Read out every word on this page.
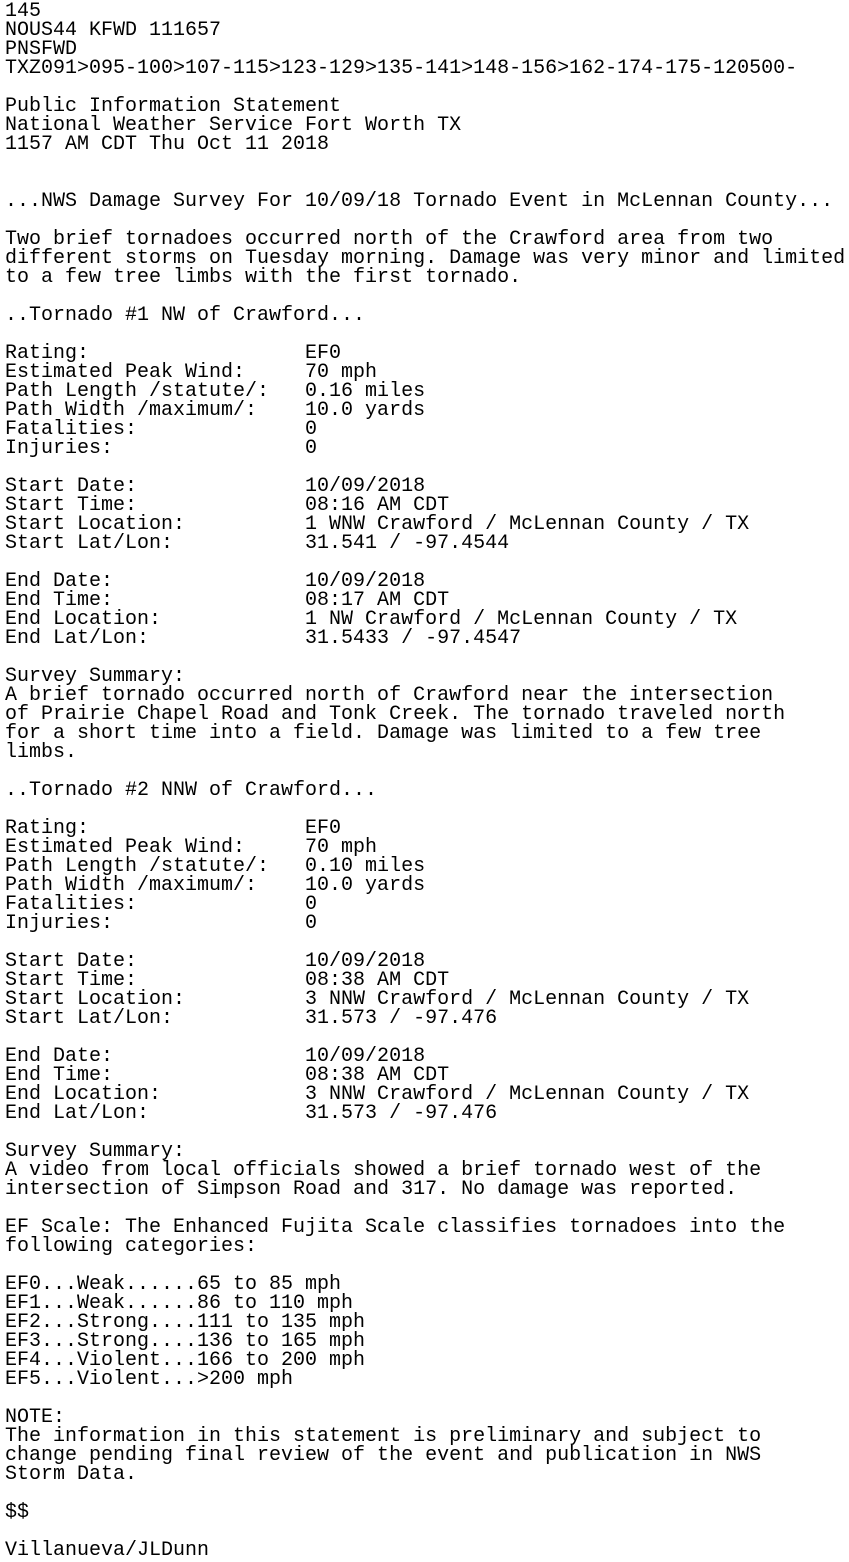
145
NOUS44 KFWD 111657
PNSFWD
TXZ091>095-100>107-115>123-129>135-141>148-156>162-174-175-120500-
Public Information Statement
National Weather Service Fort Worth TX
1157 AM CDT Thu Oct 11 2018
...NWS Damage Survey For 10/09/18 Tornado Event in McLennan County...
Two brief tornadoes occurred north of the Crawford area from two
different storms on Tuesday morning. Damage was very minor and limited
to a few tree limbs with the first tornado.
..Tornado #1 NW of Crawford...
Rating:                  EF0
Estimated Peak Wind:     70 mph
Path Length /statute/:   0.16 miles
Path Width /maximum/:    10.0 yards
Fatalities:              0
Injuries:                0
Start Date:              10/09/2018
Start Time:              08:16 AM CDT
Start Location:          1 WNW Crawford / McLennan County / TX
Start Lat/Lon:           31.541 / -97.4544
End Date:                10/09/2018
End Time:                08:17 AM CDT
End Location:            1 NW Crawford / McLennan County / TX
End Lat/Lon:             31.5433 / -97.4547
Survey Summary:
A brief tornado occurred north of Crawford near the intersection
of Prairie Chapel Road and Tonk Creek. The tornado traveled north
for a short time into a field. Damage was limited to a few tree
limbs.
..Tornado #2 NNW of Crawford...
Rating:                  EF0
Estimated Peak Wind:     70 mph
Path Length /statute/:   0.10 miles
Path Width /maximum/:    10.0 yards
Fatalities:              0
Injuries:                0
Start Date:              10/09/2018
Start Time:              08:38 AM CDT
Start Location:          3 NNW Crawford / McLennan County / TX
Start Lat/Lon:           31.573 / -97.476
End Date:                10/09/2018
End Time:                08:38 AM CDT
End Location:            3 NNW Crawford / McLennan County / TX
End Lat/Lon:             31.573 / -97.476
Survey Summary:
A video from local officials showed a brief tornado west of the
intersection of Simpson Road and 317. No damage was reported.
EF Scale: The Enhanced Fujita Scale classifies tornadoes into the
following categories:
EF0...Weak......65 to 85 mph
EF1...Weak......86 to 110 mph
EF2...Strong....111 to 135 mph
EF3...Strong....136 to 165 mph
EF4...Violent...166 to 200 mph
EF5...Violent...>200 mph
NOTE:
The information in this statement is preliminary and subject to
change pending final review of the event and publication in NWS
Storm Data.
$$
Villanueva/JLDunn
